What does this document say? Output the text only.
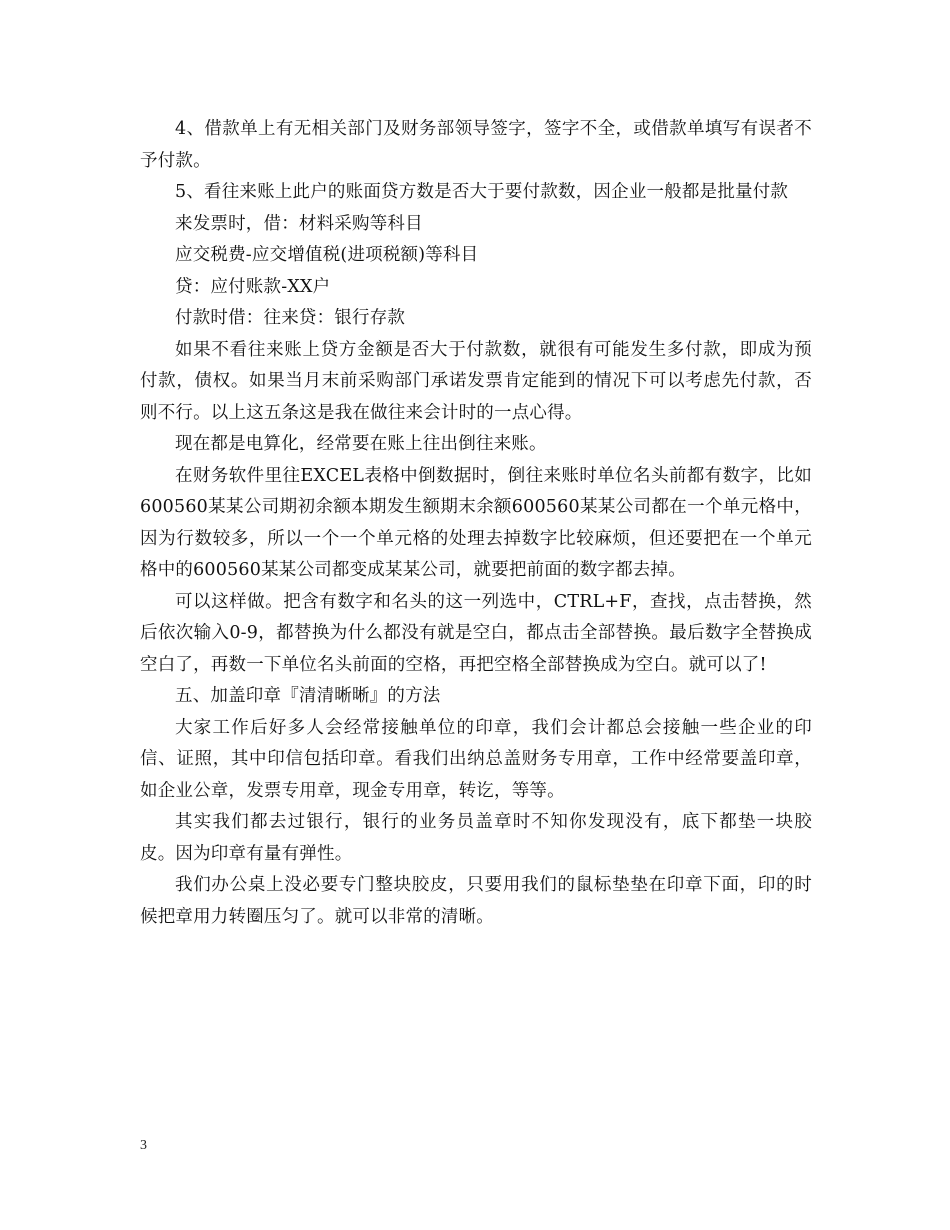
4、借款单上有无相关部门及财务部领导签字，签字不全，或借款单填写有误者不予付款。

5、看往来账上此户的账面贷方数是否大于要付款数，因企业一般都是批量付款

来发票时，借：材料采购等科目

应交税费-应交增值税(进项税额)等科目

贷：应付账款-XX户

付款时借：往来贷：银行存款

如果不看往来账上贷方金额是否大于付款数，就很有可能发生多付款，即成为预付款，债权。如果当月末前采购部门承诺发票肯定能到的情况下可以考虑先付款，否则不行。以上这五条这是我在做往来会计时的一点心得。

现在都是电算化，经常要在账上往出倒往来账。

在财务软件里往EXCEL表格中倒数据时，倒往来账时单位名头前都有数字，比如600560某某公司期初余额本期发生额期末余额600560某某公司都在一个单元格中，因为行数较多，所以一个一个单元格的处理去掉数字比较麻烦，但还要把在一个单元格中的600560某某公司都变成某某公司，就要把前面的数字都去掉。

可以这样做。把含有数字和名头的这一列选中，CTRL+F，查找，点击替换，然后依次输入0-9，都替换为什么都没有就是空白，都点击全部替换。最后数字全替换成空白了，再数一下单位名头前面的空格，再把空格全部替换成为空白。就可以了!

五、加盖印章『清清晰晰』的方法

大家工作后好多人会经常接触单位的印章，我们会计都总会接触一些企业的印信、证照，其中印信包括印章。看我们出纳总盖财务专用章，工作中经常要盖印章，如企业公章，发票专用章，现金专用章，转讫，等等。

其实我们都去过银行，银行的业务员盖章时不知你发现没有，底下都垫一块胶皮。因为印章有量有弹性。

我们办公桌上没必要专门整块胶皮，只要用我们的鼠标垫垫在印章下面，印的时候把章用力转圈压匀了。就可以非常的清晰。

3
